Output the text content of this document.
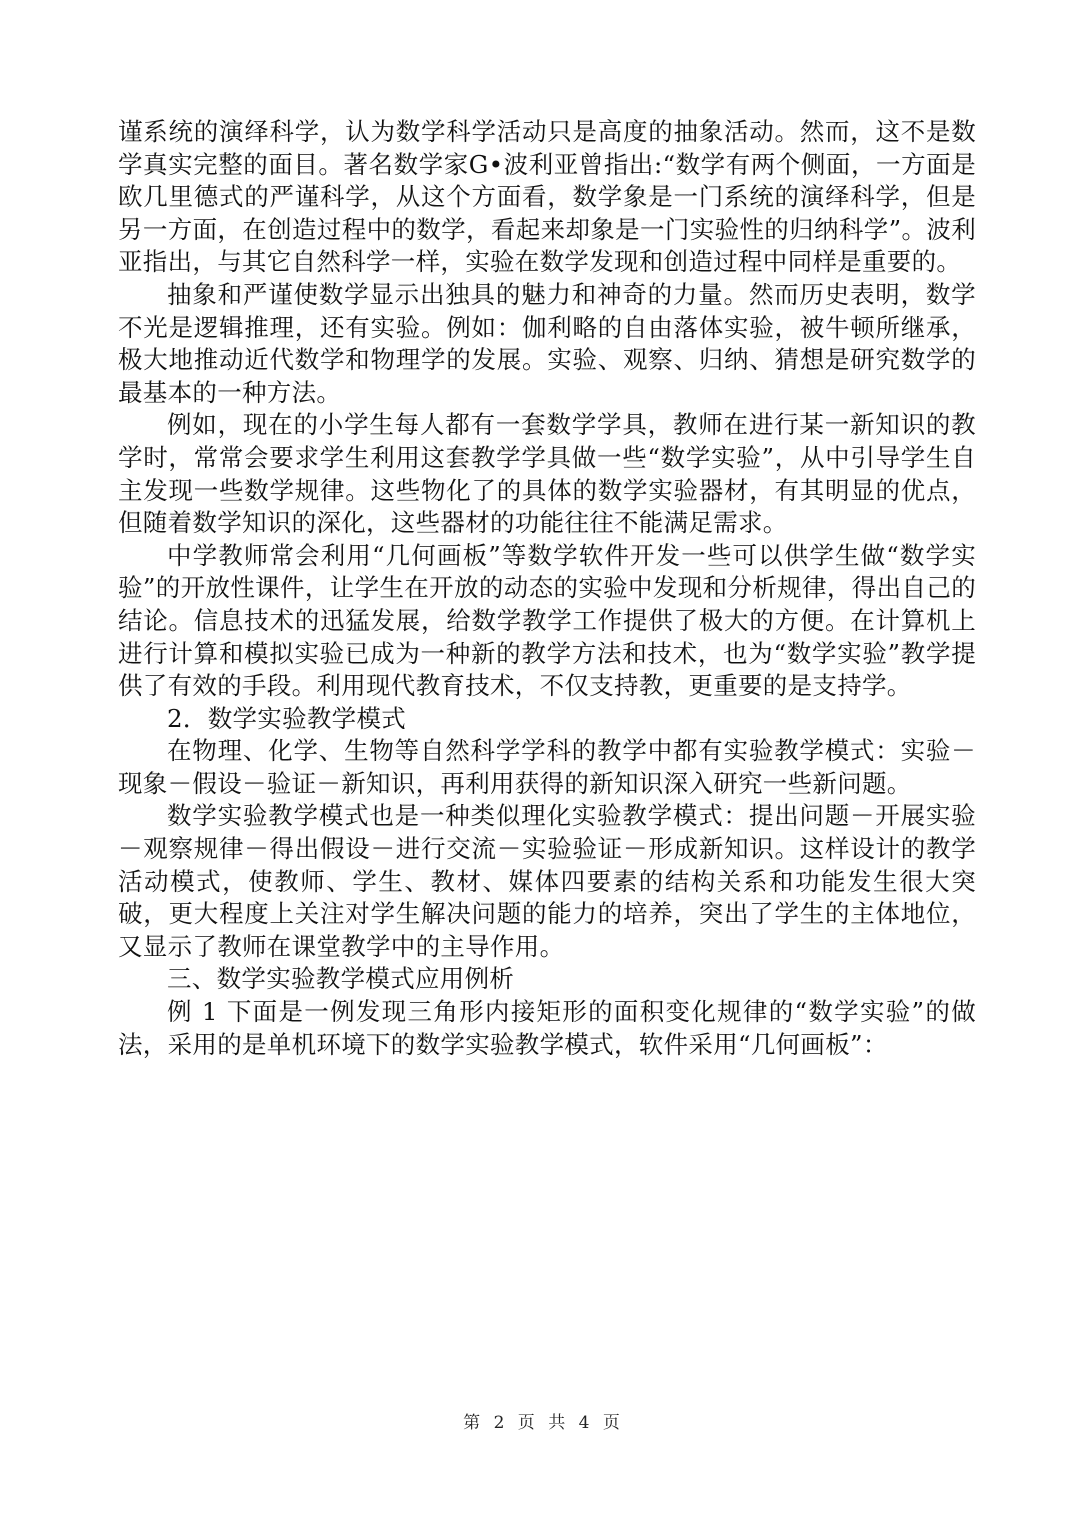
谨系统的演绎科学，认为数学科学活动只是高度的抽象活动。然而，这不是数学真实完整的面目。著名数学家G•波利亚曾指出:“数学有两个侧面，一方面是欧几里德式的严谨科学，从这个方面看，数学象是一门系统的演绎科学，但是另一方面，在创造过程中的数学，看起来却象是一门实验性的归纳科学”。波利亚指出，与其它自然科学一样，实验在数学发现和创造过程中同样是重要的。

抽象和严谨使数学显示出独具的魅力和神奇的力量。然而历史表明，数学不光是逻辑推理，还有实验。例如：伽利略的自由落体实验，被牛顿所继承，极大地推动近代数学和物理学的发展。实验、观察、归纳、猜想是研究数学的最基本的一种方法。

例如，现在的小学生每人都有一套数学学具，教师在进行某一新知识的教学时，常常会要求学生利用这套教学学具做一些“数学实验”，从中引导学生自主发现一些数学规律。这些物化了的具体的数学实验器材，有其明显的优点，但随着数学知识的深化，这些器材的功能往往不能满足需求。

中学教师常会利用“几何画板”等数学软件开发一些可以供学生做“数学实验”的开放性课件，让学生在开放的动态的实验中发现和分析规律，得出自己的结论。信息技术的迅猛发展，给数学教学工作提供了极大的方便。在计算机上进行计算和模拟实验已成为一种新的教学方法和技术，也为“数学实验”教学提供了有效的手段。利用现代教育技术，不仅支持教，更重要的是支持学。

2．数学实验教学模式

在物理、化学、生物等自然科学学科的教学中都有实验教学模式：实验－现象－假设－验证－新知识，再利用获得的新知识深入研究一些新问题。

数学实验教学模式也是一种类似理化实验教学模式：提出问题－开展实验－观察规律－得出假设－进行交流－实验验证－形成新知识。这样设计的教学活动模式，使教师、学生、教材、媒体四要素的结构关系和功能发生很大突破，更大程度上关注对学生解决问题的能力的培养，突出了学生的主体地位，又显示了教师在课堂教学中的主导作用。

三、数学实验教学模式应用例析

例 1 下面是一例发现三角形内接矩形的面积变化规律的“数学实验”的做法，采用的是单机环境下的数学实验教学模式，软件采用“几何画板”：

第 2 页 共 4 页
